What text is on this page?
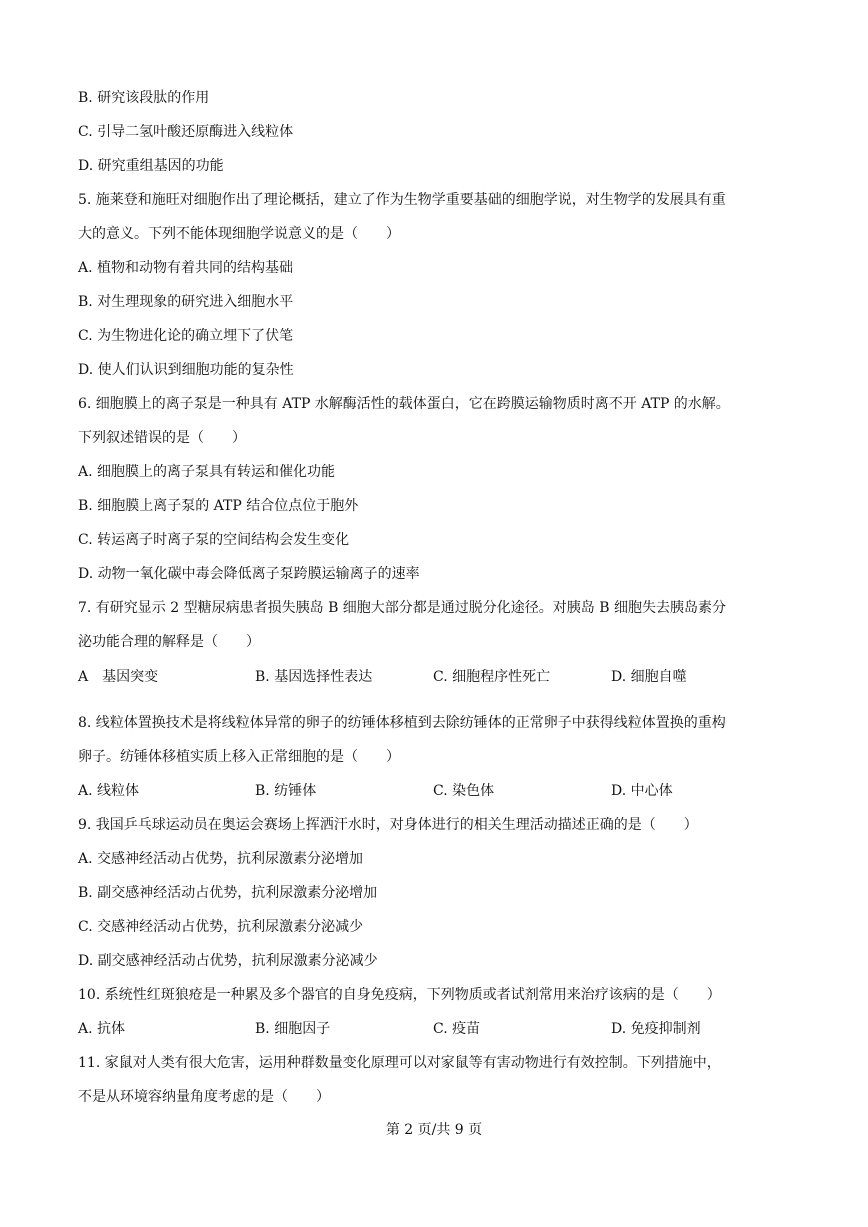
B. 研究该段肽的作用
C. 引导二氢叶酸还原酶进入线粒体
D. 研究重组基因的功能
5. 施莱登和施旺对细胞作出了理论概括，建立了作为生物学重要基础的细胞学说，对生物学的发展具有重
大的意义。下列不能体现细胞学说意义的是（　　）
A. 植物和动物有着共同的结构基础
B. 对生理现象的研究进入细胞水平
C. 为生物进化论的确立埋下了伏笔
D. 使人们认识到细胞功能的复杂性
6. 细胞膜上的离子泵是一种具有 ATP 水解酶活性的载体蛋白，它在跨膜运输物质时离不开 ATP 的水解。
下列叙述错误的是（　　）
A. 细胞膜上的离子泵具有转运和催化功能
B. 细胞膜上离子泵的 ATP 结合位点位于胞外
C. 转运离子时离子泵的空间结构会发生变化
D. 动物一氧化碳中毒会降低离子泵跨膜运输离子的速率
7. 有研究显示 2 型糖尿病患者损失胰岛 B 细胞大部分都是通过脱分化途径。对胰岛 B 细胞失去胰岛素分
泌功能合理的解释是（　　）
A　基因突变	B. 基因选择性表达	C. 细胞程序性死亡	D. 细胞自噬
8. 线粒体置换技术是将线粒体异常的卵子的纺锤体移植到去除纺锤体的正常卵子中获得线粒体置换的重构
卵子。纺锤体移植实质上移入正常细胞的是（　　）
A. 线粒体	B. 纺锤体	C. 染色体	D. 中心体
9. 我国乒乓球运动员在奥运会赛场上挥洒汗水时，对身体进行的相关生理活动描述正确的是（　　）
A. 交感神经活动占优势，抗利尿激素分泌增加
B. 副交感神经活动占优势，抗利尿激素分泌增加
C. 交感神经活动占优势，抗利尿激素分泌减少
D. 副交感神经活动占优势，抗利尿激素分泌减少
10. 系统性红斑狼疮是一种累及多个器官的自身免疫病，下列物质或者试剂常用来治疗该病的是（　　）
A. 抗体	B. 细胞因子	C. 疫苗	D. 免疫抑制剂
11. 家鼠对人类有很大危害，运用种群数量变化原理可以对家鼠等有害动物进行有效控制。下列措施中，
不是从环境容纳量角度考虑的是（　　）
第 2 页/共 9 页
